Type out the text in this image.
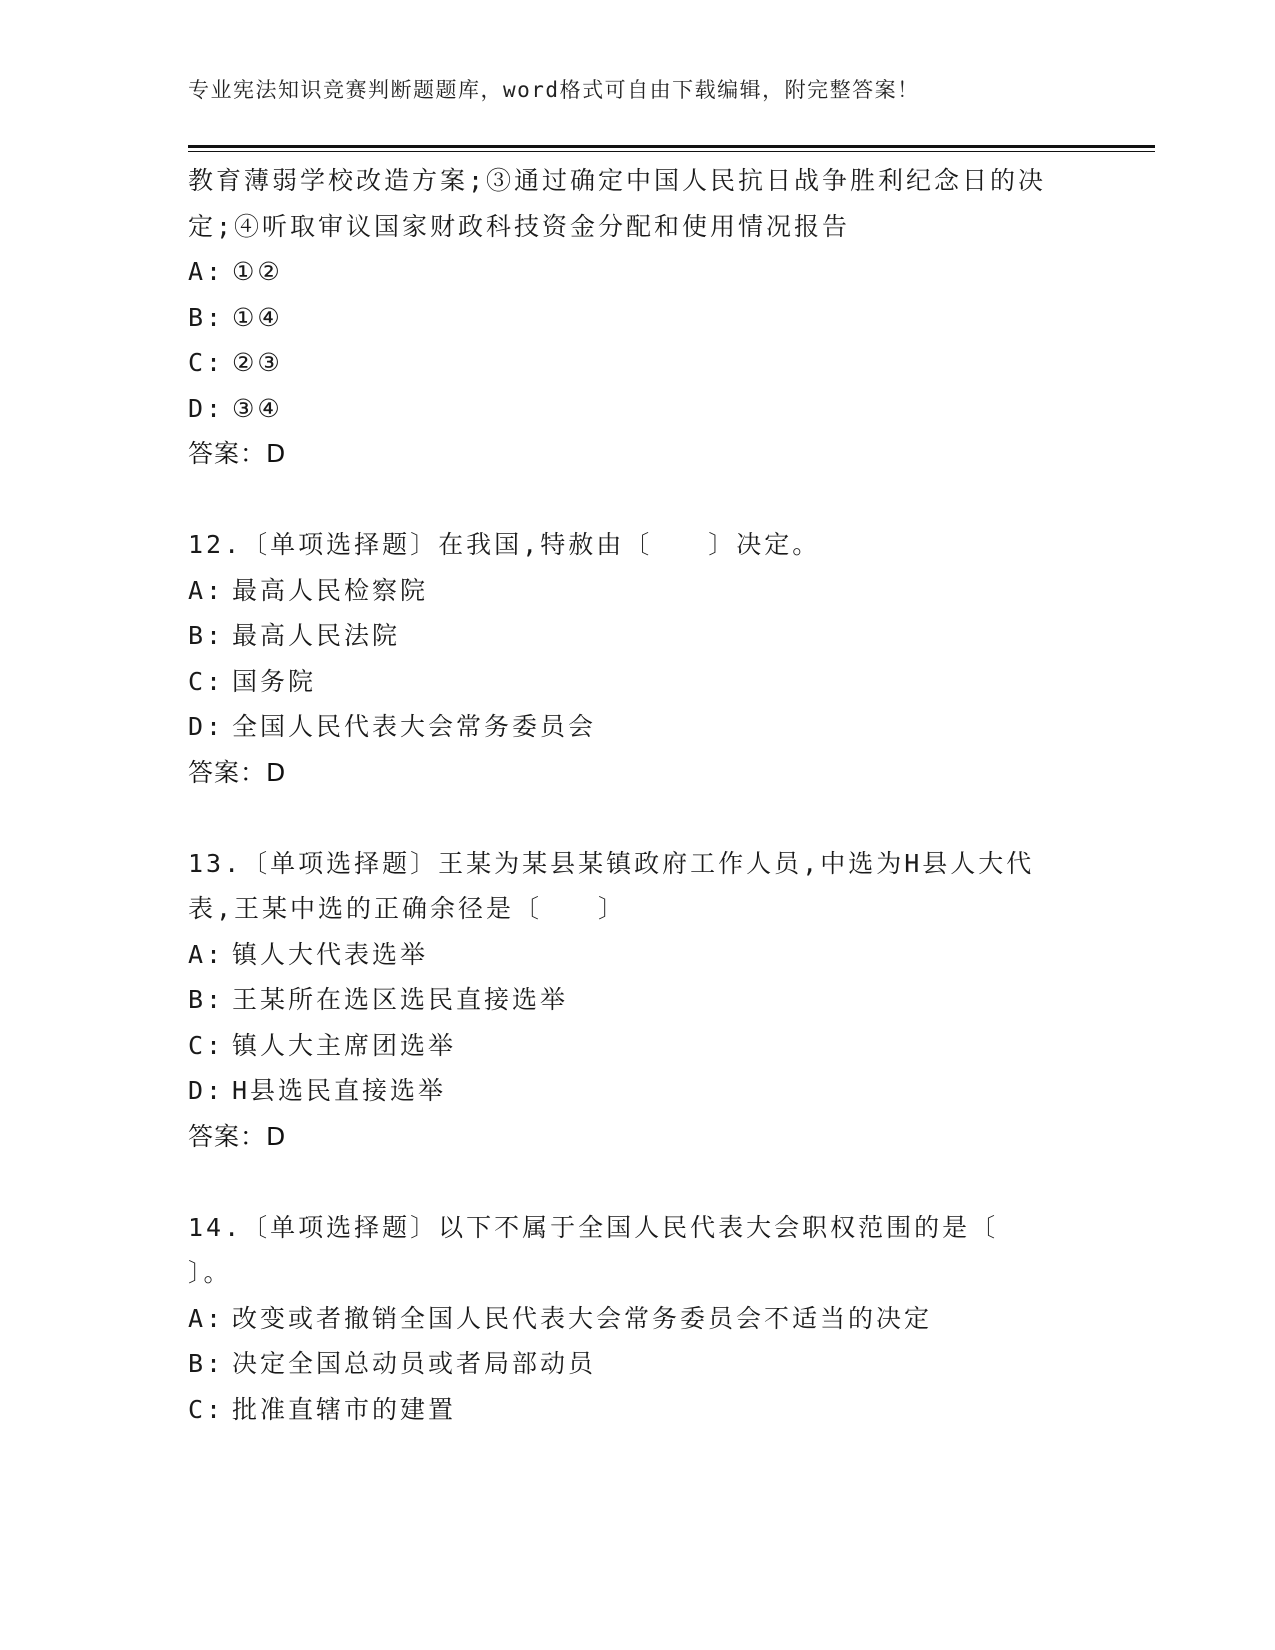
专业宪法知识竞赛判断题题库，word格式可自由下载编辑，附完整答案！
教育薄弱学校改造方案;③通过确定中国人民抗日战争胜利纪念日的决
定;④听取审议国家财政科技资金分配和使用情况报告
A: ①②
B: ①④
C: ②③
D: ③④
答案：D
12.〔单项选择题〕在我国,特赦由〔　　〕决定。
A: 最高人民检察院
B: 最高人民法院
C: 国务院
D: 全国人民代表大会常务委员会
答案：D
13.〔单项选择题〕王某为某县某镇政府工作人员,中选为H县人大代
表,王某中选的正确余径是〔　　〕
A: 镇人大代表选举
B: 王某所在选区选民直接选举
C: 镇人大主席团选举
D: H县选民直接选举
答案：D
14.〔单项选择题〕以下不属于全国人民代表大会职权范围的是〔
〕。
A: 改变或者撤销全国人民代表大会常务委员会不适当的决定
B: 决定全国总动员或者局部动员
C: 批准直辖市的建置
